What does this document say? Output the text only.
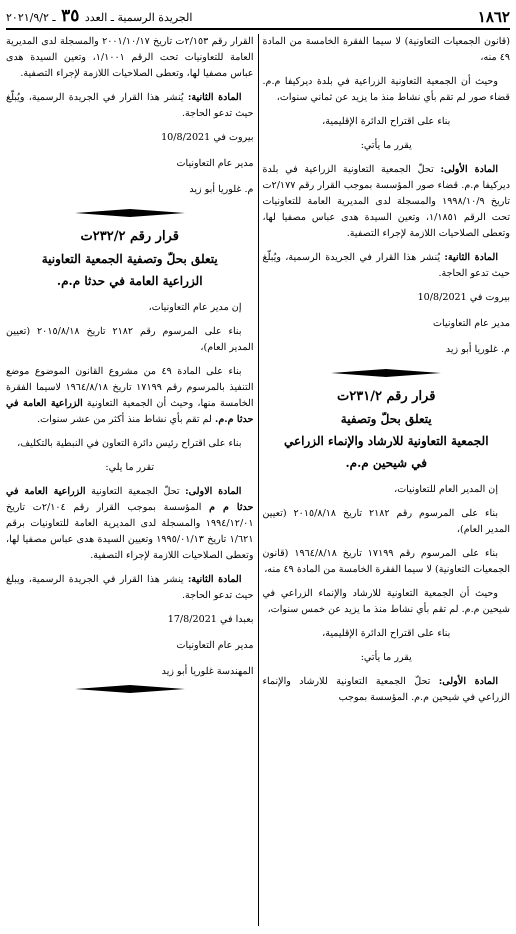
١٨٦٢
الجريدة الرسمية ـ العدد ٣٥ ـ ٢٠٢١/٩/٢

(قانون الجمعيات التعاونية) لا سيما الفقرة الخامسة من المادة ٤٩ منه،

وحيث أن الجمعية التعاونية الزراعية في بلدة ديركيفا م.م. قضاء صور لم تقم بأي نشاط منذ ما يزيد عن ثماني سنوات،

بناء على اقتراح الدائرة الإقليمية،

يقرر ما يأتي:

المادة الأولى: تحلّ الجمعية التعاونية الزراعية في بلدة ديركيفا م.م. قضاء صور المؤسسة بموجب القرار رقم ٢/١٧٧ت تاريخ ١٩٩٨/١٠/٩ والمسجلة لدى المديرية العامة للتعاونيات تحت الرقم ١/١٨٥١، وتعين السيدة هدى عباس مصفيا لها، وتعطى الصلاحيات اللازمة لإجراء التصفية.

المادة الثانية: يُنشر هذا القرار في الجريدة الرسمية، ويُبلّغ حيث تدعو الحاجة.

بيروت في 10/8/2021
مدير عام التعاونيات
م. غلوريا أبو زيد

قرار رقم ٢٣١/٢ت

يتعلق بحلّ وتصفية

الجمعية التعاونية للارشاد والإنماء الزراعي

في شيحين م.م.

إن المدير العام للتعاونيات،

بناء على المرسوم رقم ٢١٨٢ تاريخ ٢٠١٥/٨/١٨ (تعيين المدير العام)،

بناء على المرسوم رقم ١٧١٩٩ تاريخ ١٩٦٤/٨/١٨ (قانون الجمعيات التعاونية) لا سيما الفقرة الخامسة من المادة ٤٩ منه،

وحيث أن الجمعية التعاونية للارشاد والإنماء الزراعي في شيحين م.م. لم تقم بأي نشاط منذ ما يزيد عن خمس سنوات،

بناء على اقتراح الدائرة الإقليمية،

يقرر ما يأتي:

المادة الأولى: تحلّ الجمعية التعاونية للارشاد والإنماء الزراعي في شيحين م.م. المؤسسة بموجب

القرار رقم ٢/١٥٣ت تاريخ ٢٠٠١/١٠/١٧ والمسجلة لدى المديرية العامة للتعاونيات تحت الرقم ١/١٠٠١، وتعين السيدة هدى عباس مصفيا لها، وتعطى الصلاحيات اللازمة لإجراء التصفية.

المادة الثانية: يُنشر هذا القرار في الجريدة الرسمية، ويُبلّغ حيث تدعو الحاجة.

بيروت في 10/8/2021
مدير عام التعاونيات
م. غلوريا أبو زيد

قرار رقم ٢٣٢/٢ت

يتعلق بحلّ وتصفية الجمعية التعاونية

الزراعية العامة في حدثا م.م.

إن مدير عام التعاونيات،

بناء على المرسوم رقم ٢١٨٢ تاريخ ٢٠١٥/٨/١٨ (تعيين المدير العام)،

بناء على المادة ٤٩ من مشروع القانون الموضوع موضع التنفيذ بالمرسوم رقم ١٧١٩٩ تاريخ ١٩٦٤/٨/١٨ لاسيما الفقرة الخامسة منها، وحيث أن الجمعية التعاونية الزراعية العامة في حدثا م.م. لم تقم بأي نشاط منذ أكثر من عشر سنوات.

بناء على اقتراح رئيس دائرة التعاون في النبطية بالتكليف،

تقرر ما يلي:

المادة الاولى: تحلّ الجمعية التعاونية الزراعية العامة في حدثا م م المؤسسة بموجب القرار رقم ٢/١٠٤ت تاريخ ١٩٩٤/١٢/٠١ والمسجلة لدى المديرية العامة للتعاونيات برقم ١/٦٢١ تاريخ ١٩٩٥/٠١/١٣ وتعيين السيدة هدى عباس مصفيا لها، وتعطى الصلاحيات اللازمة لإجراء التصفية.

المادة الثانية: ينشر هذا القرار في الجريدة الرسمية، ويبلغ حيث تدعو الحاجة.

بعبدا في 17/8/2021
مدير عام التعاونيات
المهندسة غلوريا أبو زيد
